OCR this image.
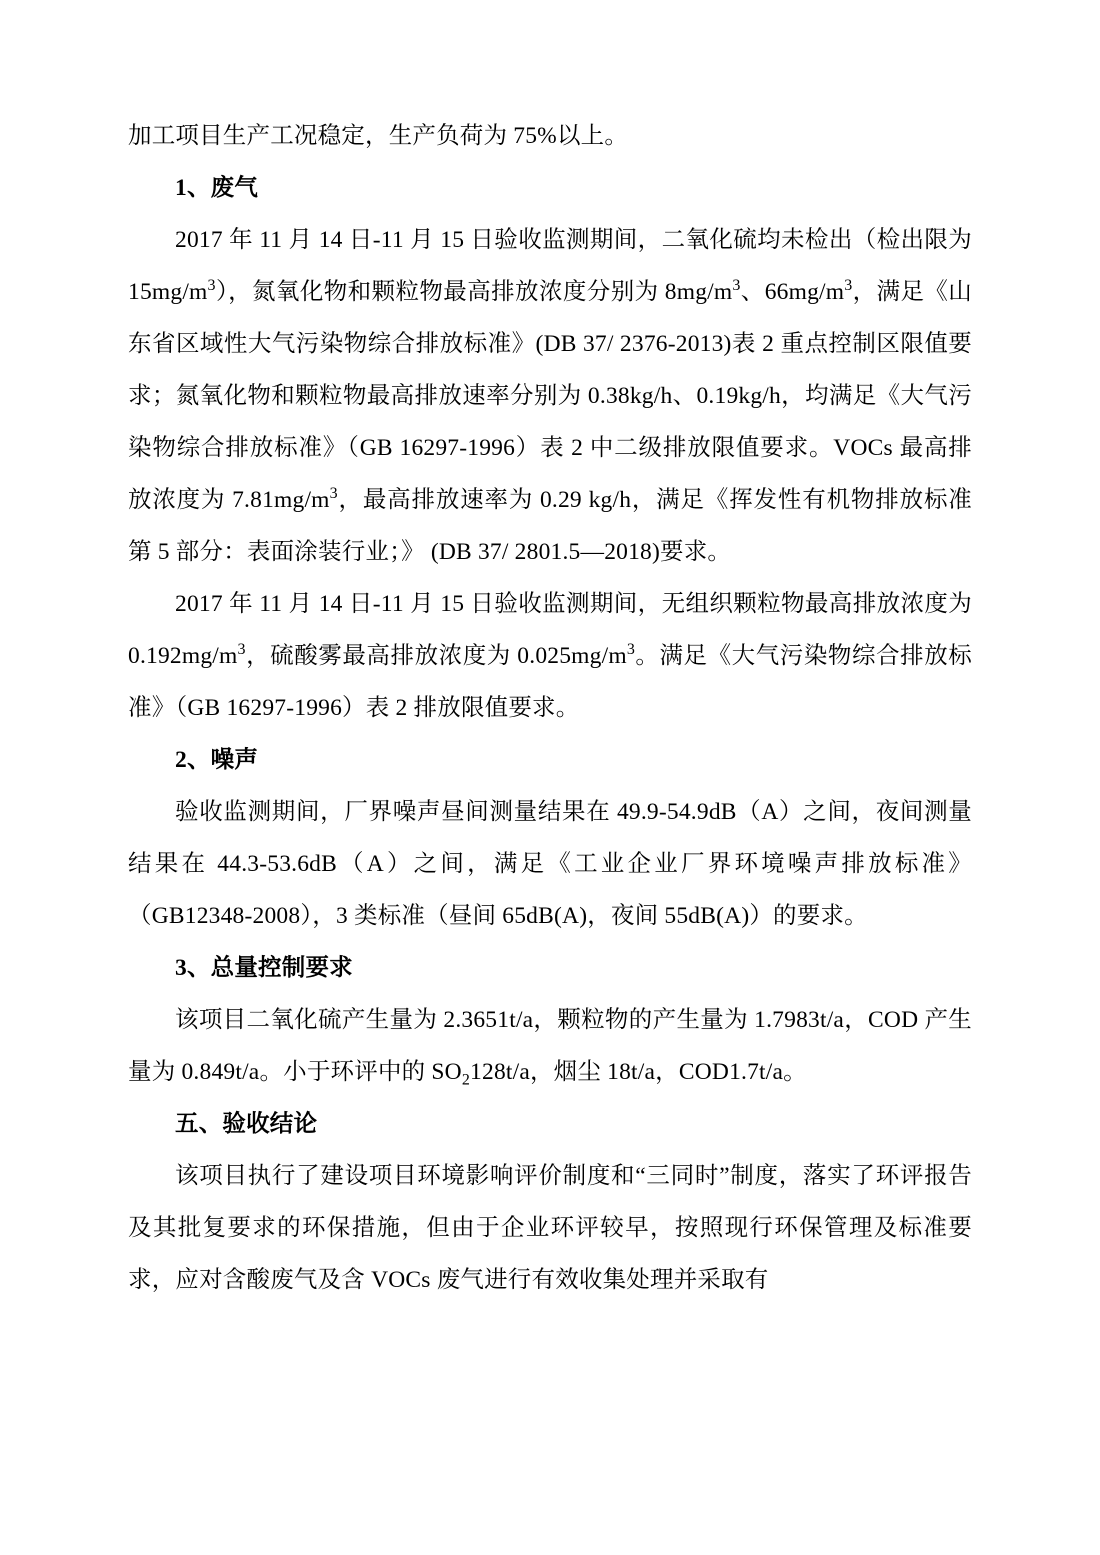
加工项目生产工况稳定，生产负荷为 75%以上。

1、废气

2017 年 11 月 14 日-11 月 15 日验收监测期间，二氧化硫均未检出（检出限为 $15mg/m^3$），氮氧化物和颗粒物最高排放浓度分别为 $8mg/m^3$、$66mg/m^3$，满足《山东省区域性大气污染物综合排放标准》(DB 37/ 2376-2013)表 2 重点控制区限值要求；氮氧化物和颗粒物最高排放速率分别为 0.38kg/h、0.19kg/h，均满足《大气污染物综合排放标准》（GB 16297-1996）表 2 中二级排放限值要求。VOCs 最高排放浓度为 $7.81mg/m^3$，最高排放速率为 0.29 kg/h，满足《挥发性有机物排放标准 第 5 部分：表面涂装行业；》 (DB 37/ 2801.5—2018)要求。

2017 年 11 月 14 日-11 月 15 日验收监测期间，无组织颗粒物最高排放浓度为 $0.192mg/m^3$，硫酸雾最高排放浓度为 $0.025mg/m^3$。满足《大气污染物综合排放标准》（GB 16297-1996）表 2 排放限值要求。

2、噪声

验收监测期间，厂界噪声昼间测量结果在 49.9-54.9dB（A）之间，夜间测量结果在 44.3-53.6dB（A）之间，满足《工业企业厂界环境噪声排放标准》（GB12348-2008），3 类标准（昼间 65dB(A)，夜间 55dB(A)）的要求。

3、总量控制要求

该项目二氧化硫产生量为 2.3651t/a，颗粒物的产生量为 1.7983t/a，COD 产生量为 0.849t/a。小于环评中的 $SO_2128t/a$，烟尘 18t/a，COD1.7t/a。

五、验收结论

该项目执行了建设项目环境影响评价制度和“三同时”制度，落实了环评报告及其批复要求的环保措施，但由于企业环评较早，按照现行环保管理及标准要求，应对含酸废气及含 VOCs 废气进行有效收集处理并采取有
